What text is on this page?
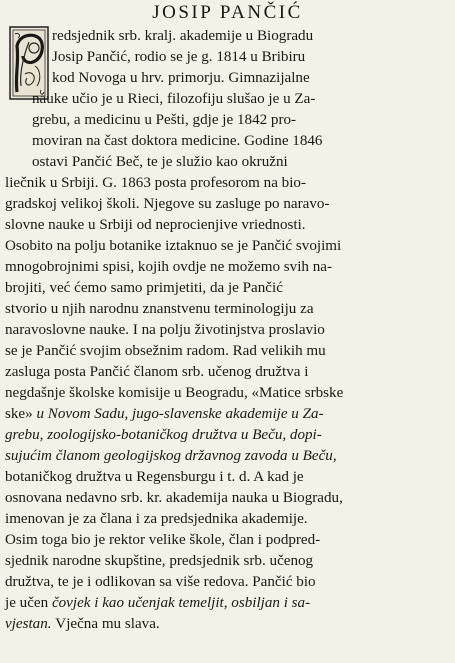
JOSIP PANČIĆ
redsjednik srb. kralj. akademije u Biogradu
Josip Pančić, rodio se je g. 1814 u Bribiru
kod Novoga u hrv. primorju. Gimnazijalne
nauke učio je u Rieci, filozofiju slušao je u Za-
grebu, a medicinu u Pešti, gdje je 1842 pro-
moviran na čast doktora medicine. Godine 1846
ostavi Pančić Beč, te je služio kao okružni
liečnik u Srbiji. G. 1863 posta profesorom na bio-
gradskoj velikoj školi. Njegove su zasluge po naravo-
slovne nauke u Srbiji od neprocienjive vriednosti.
Osobito na polju botanike iztaknuo se je Pančić svojimi
mnogobrojnimi spisi, kojih ovdje ne možemo svih na-
brojiti, već ćemo samo primjetiti, da je Pančić
stvorio u njih narodnu znanstvenu terminologiju za
naravoslovne nauke. I na polju životinjstva proslavio
se je Pančić svojim obsežnim radom. Rad velikih mu
zasluga posta Pančić članom srb. učenog družtva i
negdašnje školske komisije u Beogradu, «Matice srbske
skе» u Novom Sadu, jugo-slavenske akademije u Za-
grebu, zoologijsko-botaničkog družtva u Beču, dopi-
sujućim članom geologijskog državnog zavoda u Beču,
botaničkog družtva u Regensburgu i t. d. A kad je
osnovana nedavno srb. kr. akademija nauka u Biogradu,
imenovan je za člana i za predsjednika akademije.
Osim toga bio je rektor velike škole, član i podpred-
sjednik narodne skupštine, predsjednik srb. učenog
družtva, te je i odlikovan sa više redova. Pančić bio
je učen čovjek i kao učenjak temeljit, osbiljan i sa-
vjestan. Vječna mu slava.
